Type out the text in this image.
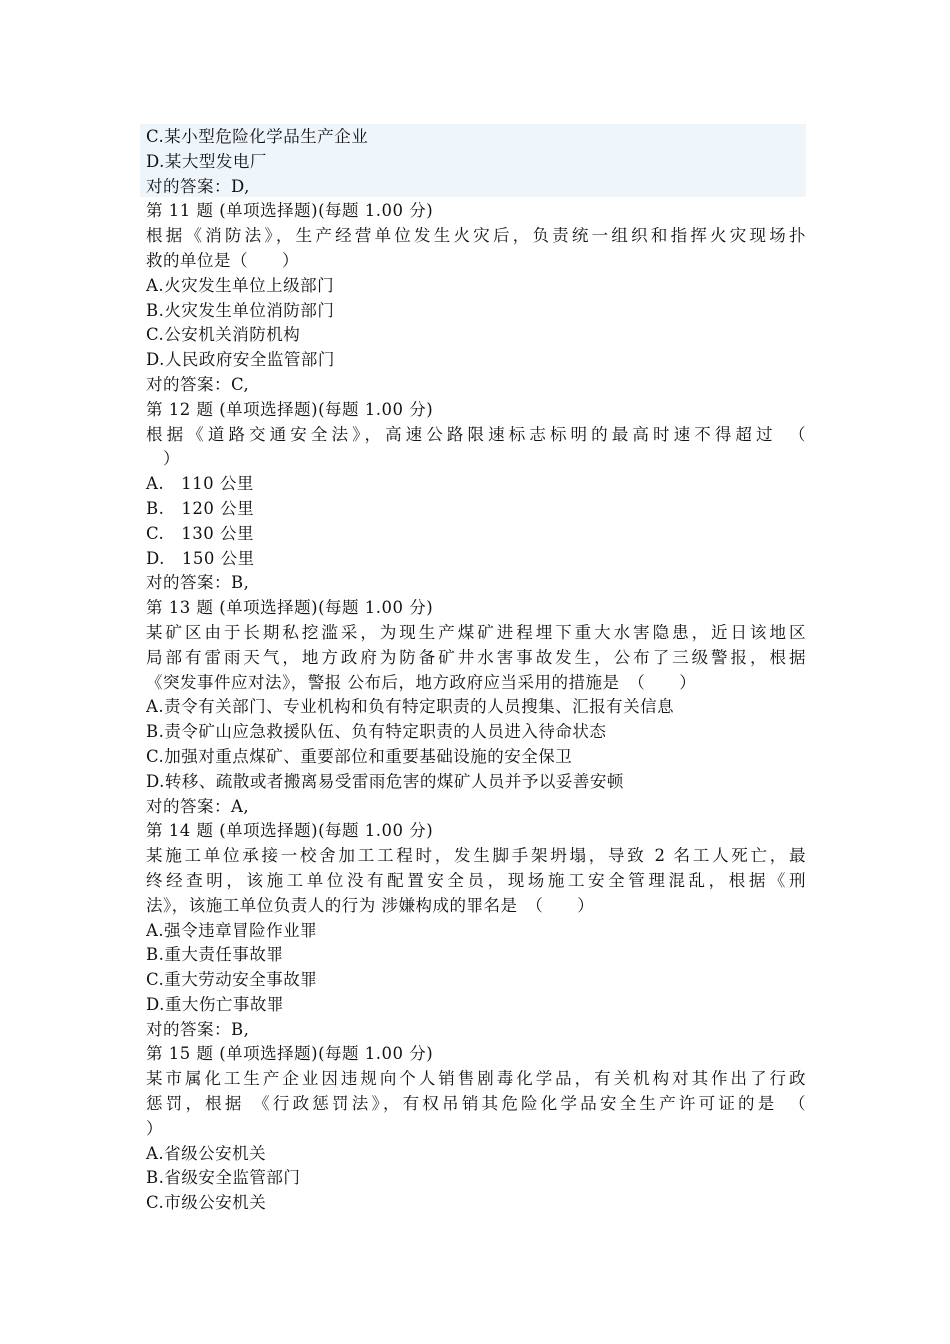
C.某小型危险化学品生产企业
D.某大型发电厂
对的答案：D,
第 11 题 (单项选择题)(每题 1.00 分)
根据《消防法》，生产经营单位发生火灾后，负责统一组织和指挥火灾现场扑
救的单位是（　　）
A.火灾发生单位上级部门
B.火灾发生单位消防部门
C.公安机关消防机构
D.人民政府安全监管部门
对的答案：C,
第 12 题 (单项选择题)(每题 1.00 分)
根据《道路交通安全法》，高速公路限速标志标明的最高时速不得超过　（
　）
A.　110 公里
B.　120 公里
C.　130 公里
D.　150 公里
对的答案：B,
第 13 题 (单项选择题)(每题 1.00 分)
某矿区由于长期私挖滥采，为现生产煤矿进程埋下重大水害隐患，近日该地区
局部有雷雨天气，地方政府为防备矿井水害事故发生，公布了三级警报，根据
《突发事件应对法》，警报 公布后，地方政府应当采用的措施是　（　　）
A.责令有关部门、专业机构和负有特定职责的人员搜集、汇报有关信息
B.责令矿山应急救援队伍、负有特定职责的人员进入待命状态
C.加强对重点煤矿、重要部位和重要基础设施的安全保卫
D.转移、疏散或者搬离易受雷雨危害的煤矿人员并予以妥善安顿
对的答案：A,
第 14 题 (单项选择题)(每题 1.00 分)
某施工单位承接一校舍加工工程时，发生脚手架坍塌，导致 2 名工人死亡，最
终经查明，该施工单位没有配置安全员，现场施工安全管理混乱，根据《刑
法》，该施工单位负责人的行为 涉嫌构成的罪名是　（　　）
A.强令违章冒险作业罪
B.重大责任事故罪
C.重大劳动安全事故罪
D.重大伤亡事故罪
对的答案：B,
第 15 题 (单项选择题)(每题 1.00 分)
某市属化工生产企业因违规向个人销售剧毒化学品，有关机构对其作出了行政
惩罚，根据 《行政惩罚法》，有权吊销其危险化学品安全生产许可证的是　（
）
A.省级公安机关
B.省级安全监管部门
C.市级公安机关
